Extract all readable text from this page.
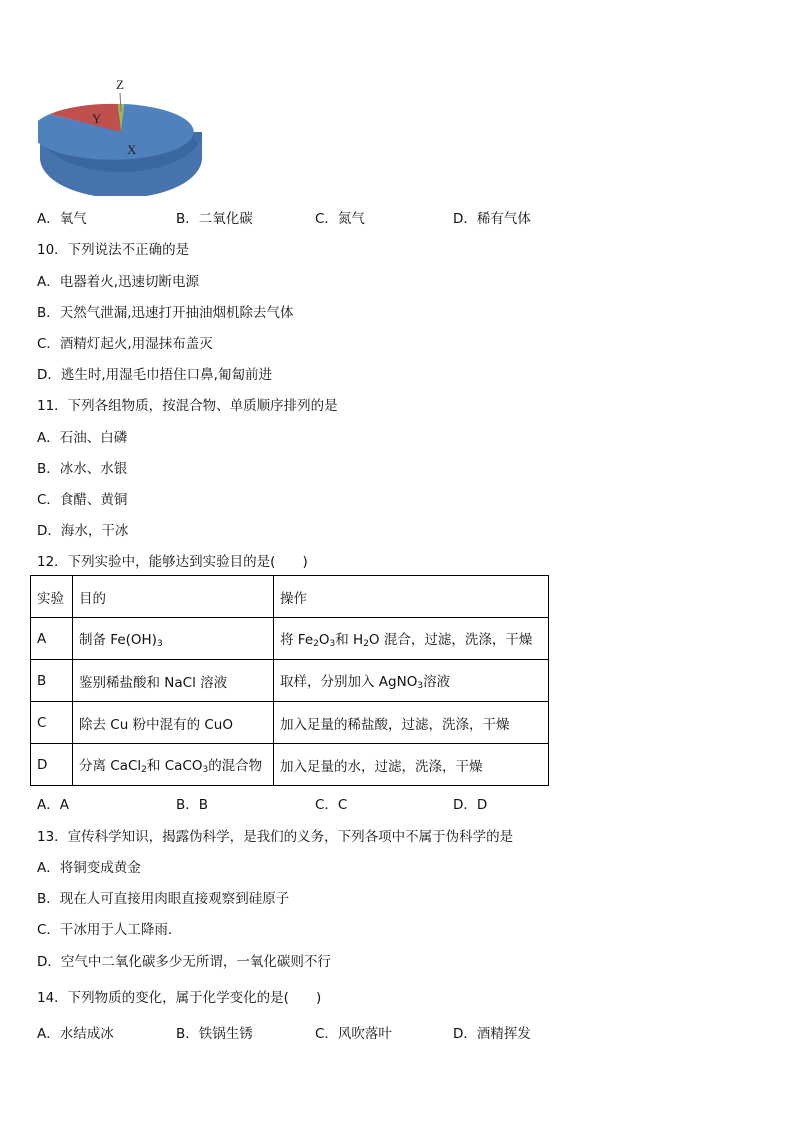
Z
Y
X
A．氧气	B．二氧化碳	C．氮气	D．稀有气体
10．下列说法不正确的是
A．电器着火,迅速切断电源
B．天然气泄漏,迅速打开抽油烟机除去气体
C．酒精灯起火,用湿抹布盖灭
D．逃生时,用湿毛巾捂住口鼻,匍匐前进
11．下列各组物质，按混合物、单质顺序排列的是
A．石油、白磷
B．冰水、水银
C．食醋、黄铜
D．海水，干冰
12．下列实验中，能够达到实验目的是(　　)
实验	目的	操作
A	制备 $Fe(OH)_3$	将 $Fe_2O_3$和 $H_2O$ 混合，过滤，洗涤，干燥
B	鉴别稀盐酸和 NaCl 溶液	取样，分别加入 AgNO$_3$溶液
C	除去 Cu 粉中混有的 CuO	加入足量的稀盐酸，过滤，洗涤，干燥
D	分离 CaCl$_2$和 CaCO$_3$的混合物	加入足量的水，过滤，洗涤，干燥
A．A	B．B	C．C	D．D
13．宣传科学知识，揭露伪科学，是我们的义务，下列各项中不属于伪科学的是
A．将铜变成黄金
B．现在人可直接用肉眼直接观察到硅原子
C．干冰用于人工降雨.
D．空气中二氧化碳多少无所谓，一氧化碳则不行
14．下列物质的变化，属于化学变化的是(　　)
A．水结成冰	B．铁锅生锈	C．风吹落叶	D．酒精挥发
